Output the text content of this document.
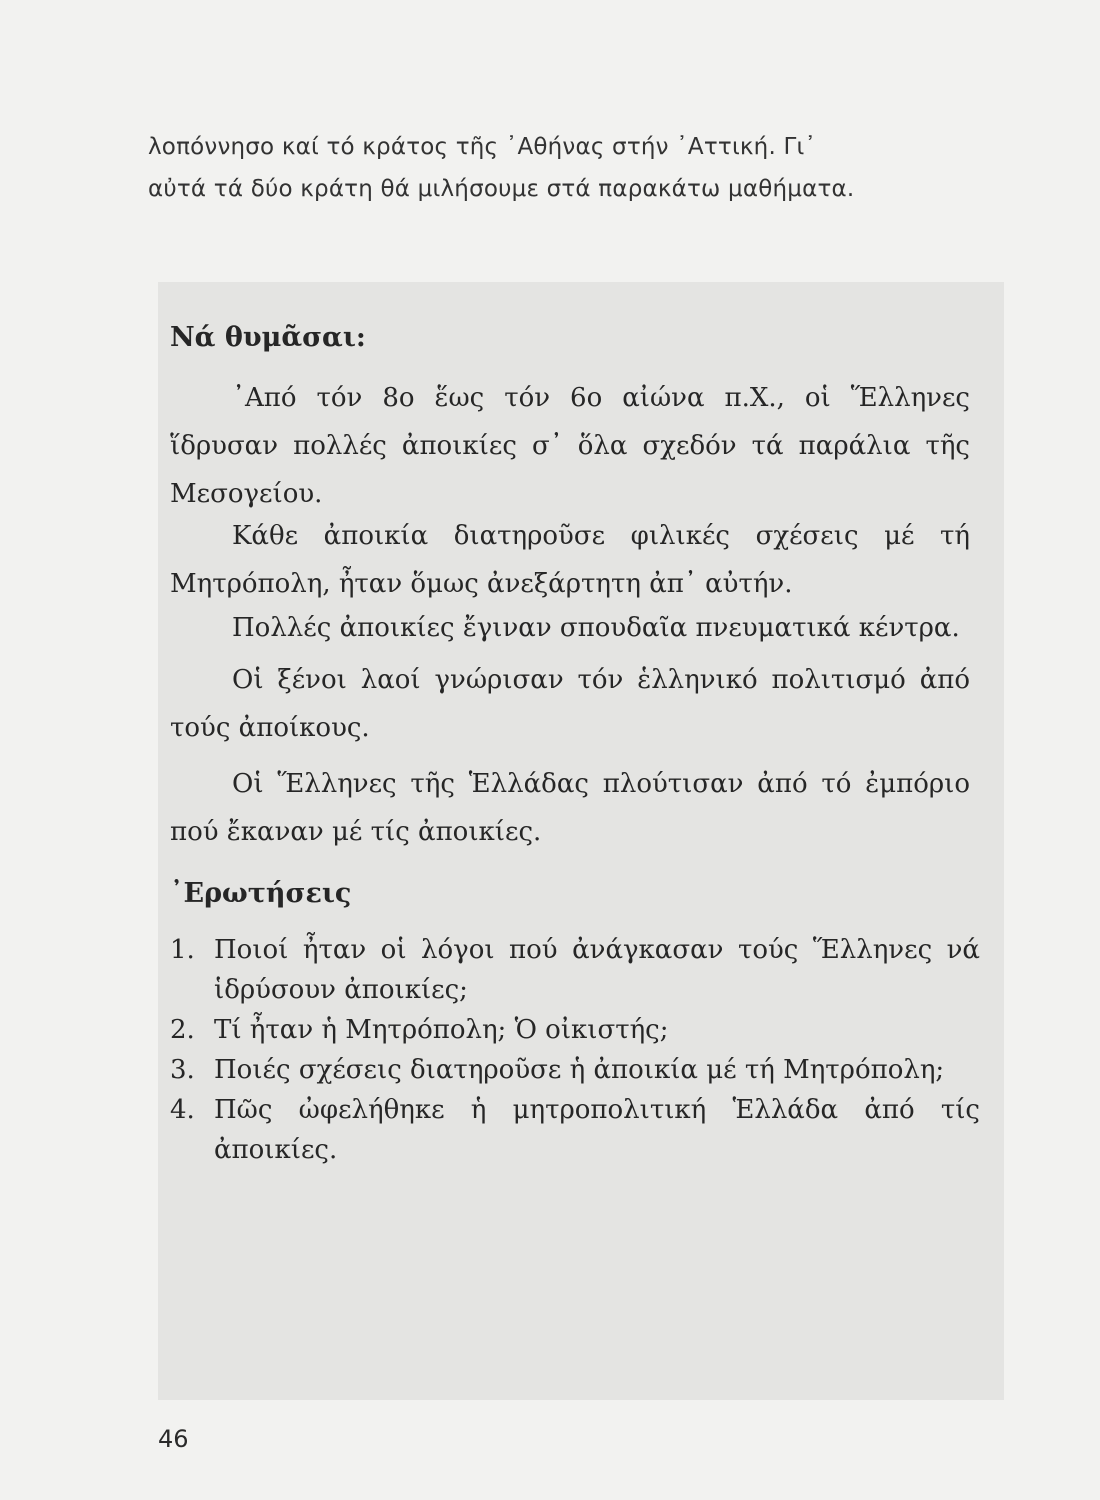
λοπόννησο καί τό κράτος τῆς ᾿Αθήνας στήν ᾿Αττική. Γι᾿

αὐτά τά δύο κράτη θά μιλήσουμε στά παρακάτω μαθήματα.

Νά θυμᾶσαι:

᾿Από τόν 8ο ἕως τόν 6ο αἰώνα π.Χ., οἱ Ἕλληνες ἵδρυσαν πολλές ἀποικίες σ᾿ ὅλα σχεδόν τά παράλια τῆς Μεσογείου.

Κάθε ἀποικία διατηροῦσε φιλικές σχέσεις μέ τή Μητρόπολη, ἦταν ὅμως ἀνεξάρτητη ἀπ᾿ αὐτήν.

Πολλές ἀποικίες ἔγιναν σπουδαῖα πνευματικά κέντρα.

Οἱ ξένοι λαοί γνώρισαν τόν ἑλληνικό πολιτισμό ἀπό τούς ἀποίκους.

Οἱ Ἕλληνες τῆς Ἑλλάδας πλούτισαν ἀπό τό ἐμπόριο πού ἔκαναν μέ τίς ἀποικίες.

᾿Ερωτήσεις
1. Ποιοί ἦταν οἱ λόγοι πού ἀνάγκασαν τούς Ἕλληνες νά ἱδρύσουν ἀποικίες;
2. Τί ἦταν ἡ Μητρόπολη; Ὁ οἰκιστής;
3. Ποιές σχέσεις διατηροῦσε ἡ ἀποικία μέ τή Μητρόπολη;
4. Πῶς ὠφελήθηκε ἡ μητροπολιτική Ἑλλάδα ἀπό τίς ἀποικίες.
46
